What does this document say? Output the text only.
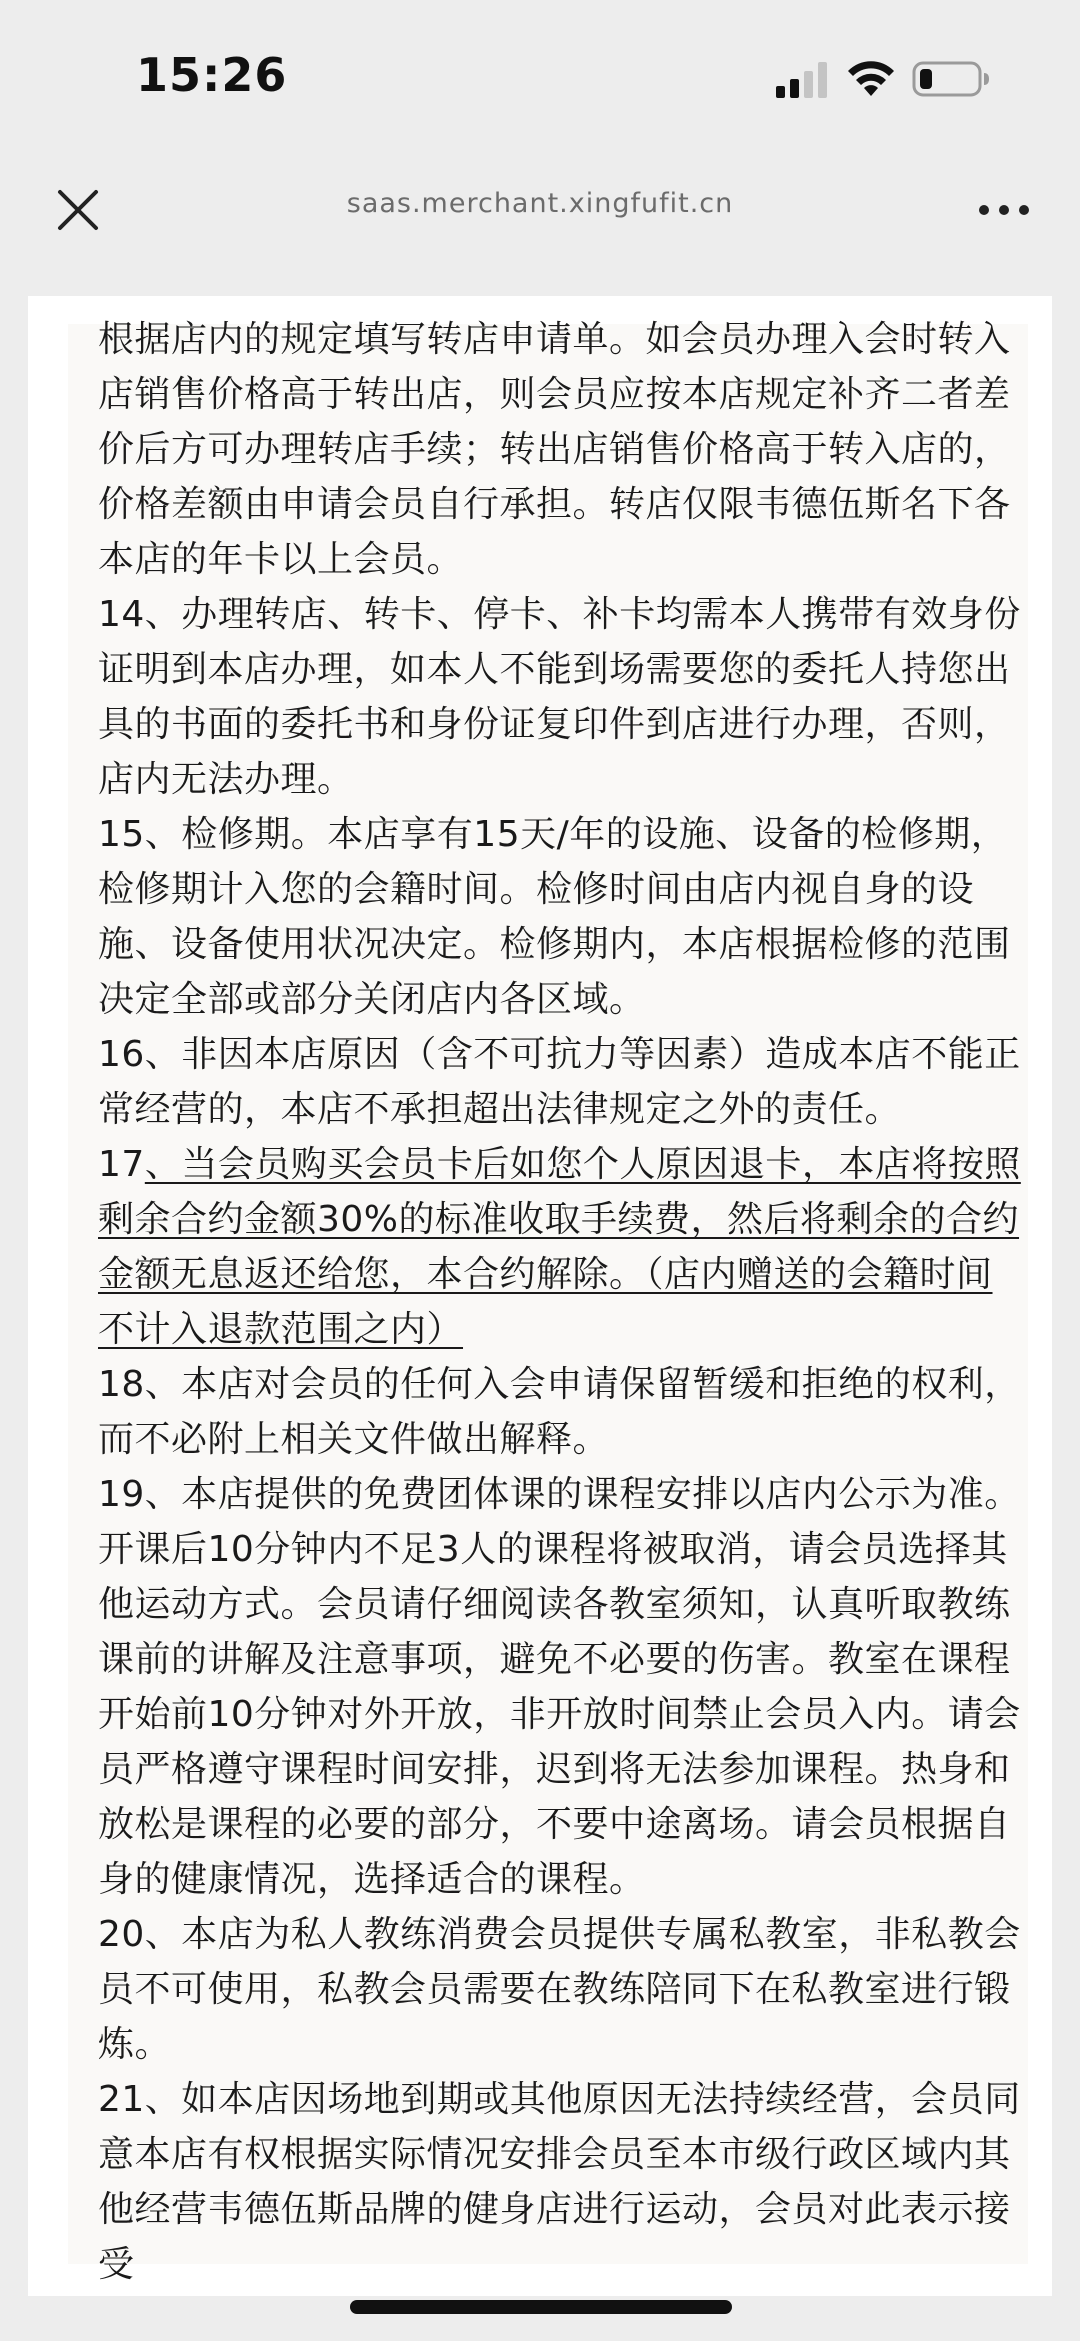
15:26
saas.merchant.xingfufit.cn

根据店内的规定填写转店申请单。如会员办理入会时转入店销售价格高于转出店，则会员应按本店规定补齐二者差价后方可办理转店手续；转出店销售价格高于转入店的，价格差额由申请会员自行承担。转店仅限韦德伍斯名下各本店的年卡以上会员。

14、办理转店、转卡、停卡、补卡均需本人携带有效身份证明到本店办理，如本人不能到场需要您的委托人持您出具的书面的委托书和身份证复印件到店进行办理，否则，店内无法办理。

15、检修期。本店享有15天/年的设施、设备的检修期，检修期计入您的会籍时间。检修时间由店内视自身的设施、设备使用状况决定。检修期内，本店根据检修的范围决定全部或部分关闭店内各区域。

16、非因本店原因（含不可抗力等因素）造成本店不能正常经营的，本店不承担超出法律规定之外的责任。

17、当会员购买会员卡后如您个人原因退卡，本店将按照剩余合约金额30%的标准收取手续费，然后将剩余的合约金额无息返还给您，本合约解除。（店内赠送的会籍时间不计入退款范围之内）

18、本店对会员的任何入会申请保留暂缓和拒绝的权利，而不必附上相关文件做出解释。

19、本店提供的免费团体课的课程安排以店内公示为准。开课后10分钟内不足3人的课程将被取消，请会员选择其他运动方式。会员请仔细阅读各教室须知，认真听取教练课前的讲解及注意事项，避免不必要的伤害。教室在课程开始前10分钟对外开放，非开放时间禁止会员入内。请会员严格遵守课程时间安排，迟到将无法参加课程。热身和放松是课程的必要的部分，不要中途离场。请会员根据自身的健康情况，选择适合的课程。

20、本店为私人教练消费会员提供专属私教室，非私教会员不可使用，私教会员需要在教练陪同下在私教室进行锻炼。

21、如本店因场地到期或其他原因无法持续经营，会员同意本店有权根据实际情况安排会员至本市级行政区域内其他经营韦德伍斯品牌的健身店进行运动，会员对此表示接受
